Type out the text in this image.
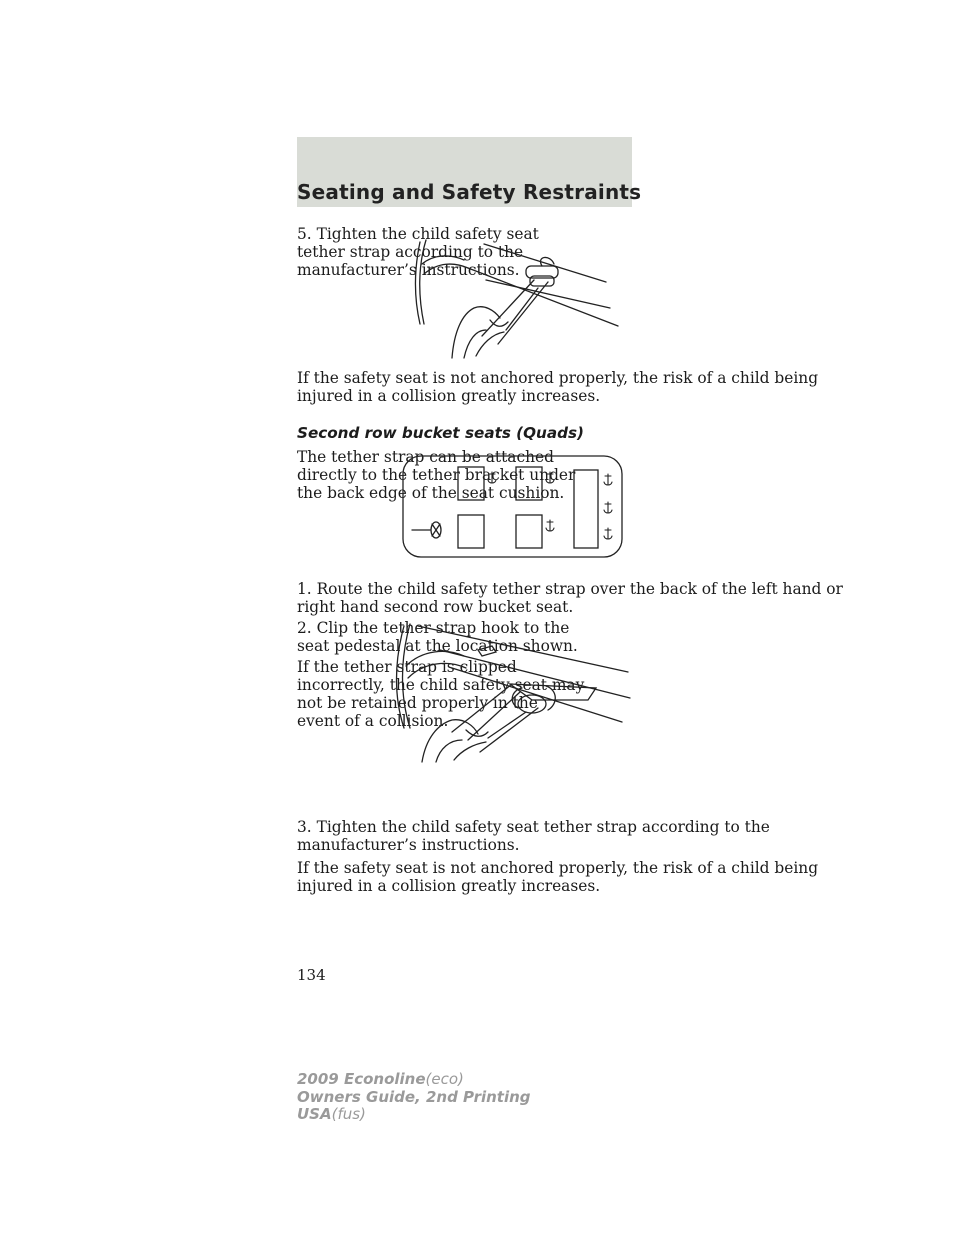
Seating and Safety Restraints

5. Tighten the child safety seat
tether strap according to the
manufacturer’s instructions.

If the safety seat is not anchored properly, the risk of a child being
injured in a collision greatly increases.

Second row bucket seats (Quads)

The tether strap can be attached
directly to the tether bracket under
the back edge of the seat cushion.

1. Route the child safety tether strap over the back of the left hand or
right hand second row bucket seat.

2. Clip the tether strap hook to the
seat pedestal at the location shown.

If the tether strap is clipped
incorrectly, the child safety seat may
not be retained properly in the
event of a collision.

3. Tighten the child safety seat tether strap according to the
manufacturer’s instructions.

If the safety seat is not anchored properly, the risk of a child being
injured in a collision greatly increases.

134
2009 Econoline(eco)
Owners Guide, 2nd Printing
USA(fus)
